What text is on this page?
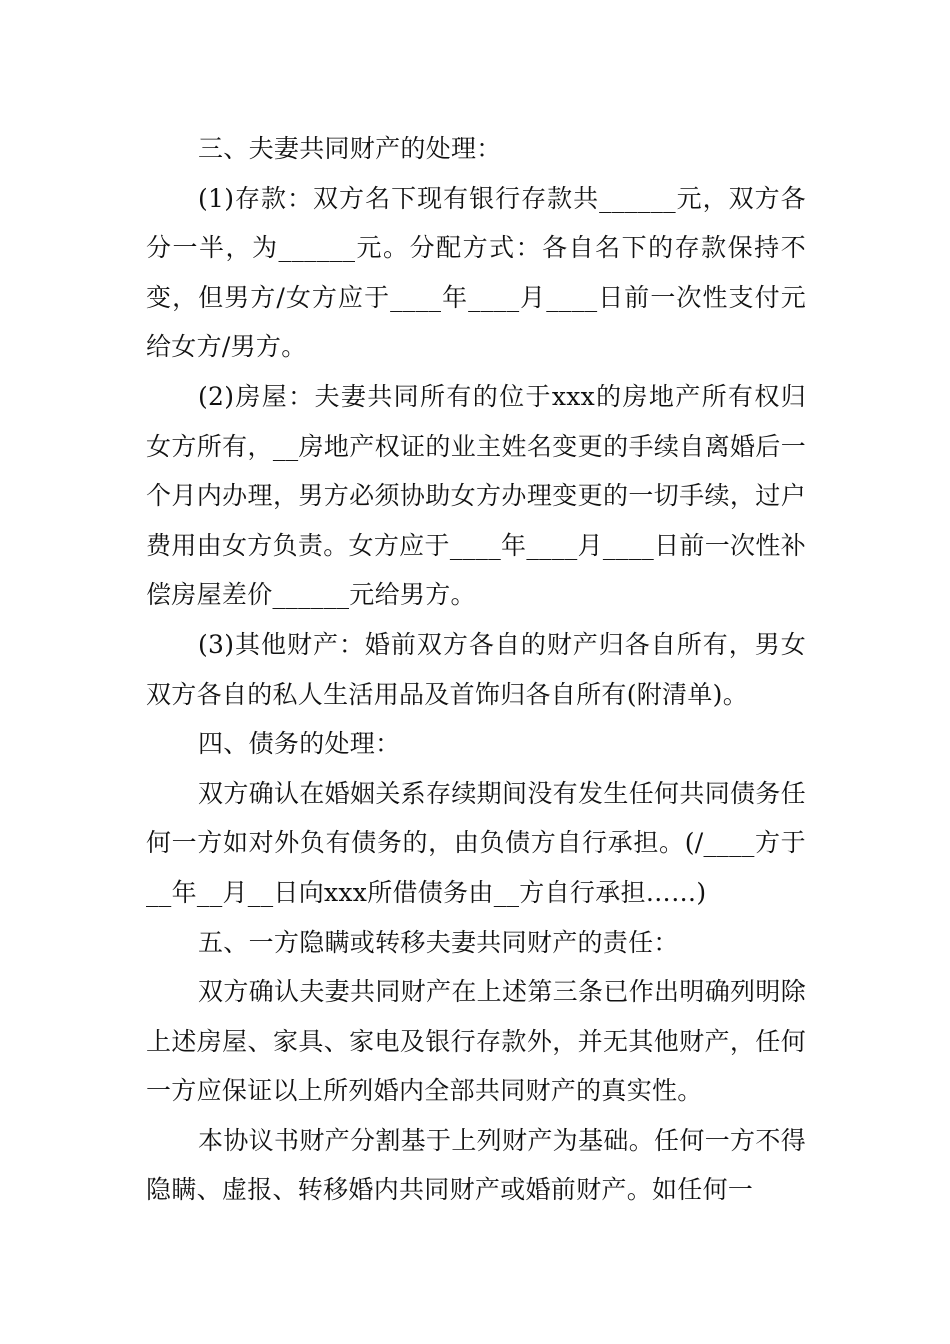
三、夫妻共同财产的处理：

(1)存款：双方名下现有银行存款共______元，双方各分一半，为______元。分配方式：各自名下的存款保持不变，但男方/女方应于____年____月____日前一次性支付元给女方/男方。

(2)房屋：夫妻共同所有的位于xxx的房地产所有权归女方所有，__房地产权证的业主姓名变更的手续自离婚后一个月内办理，男方必须协助女方办理变更的一切手续，过户费用由女方负责。女方应于____年____月____日前一次性补偿房屋差价______元给男方。

(3)其他财产：婚前双方各自的财产归各自所有，男女双方各自的私人生活用品及首饰归各自所有(附清单)。

四、债务的处理：

双方确认在婚姻关系存续期间没有发生任何共同债务任何一方如对外负有债务的，由负债方自行承担。(/____方于__年__月__日向xxx所借债务由__方自行承担……)

五、一方隐瞒或转移夫妻共同财产的责任：

双方确认夫妻共同财产在上述第三条已作出明确列明除上述房屋、家具、家电及银行存款外，并无其他财产，任何一方应保证以上所列婚内全部共同财产的真实性。

本协议书财产分割基于上列财产为基础。任何一方不得隐瞒、虚报、转移婚内共同财产或婚前财产。如任何一
